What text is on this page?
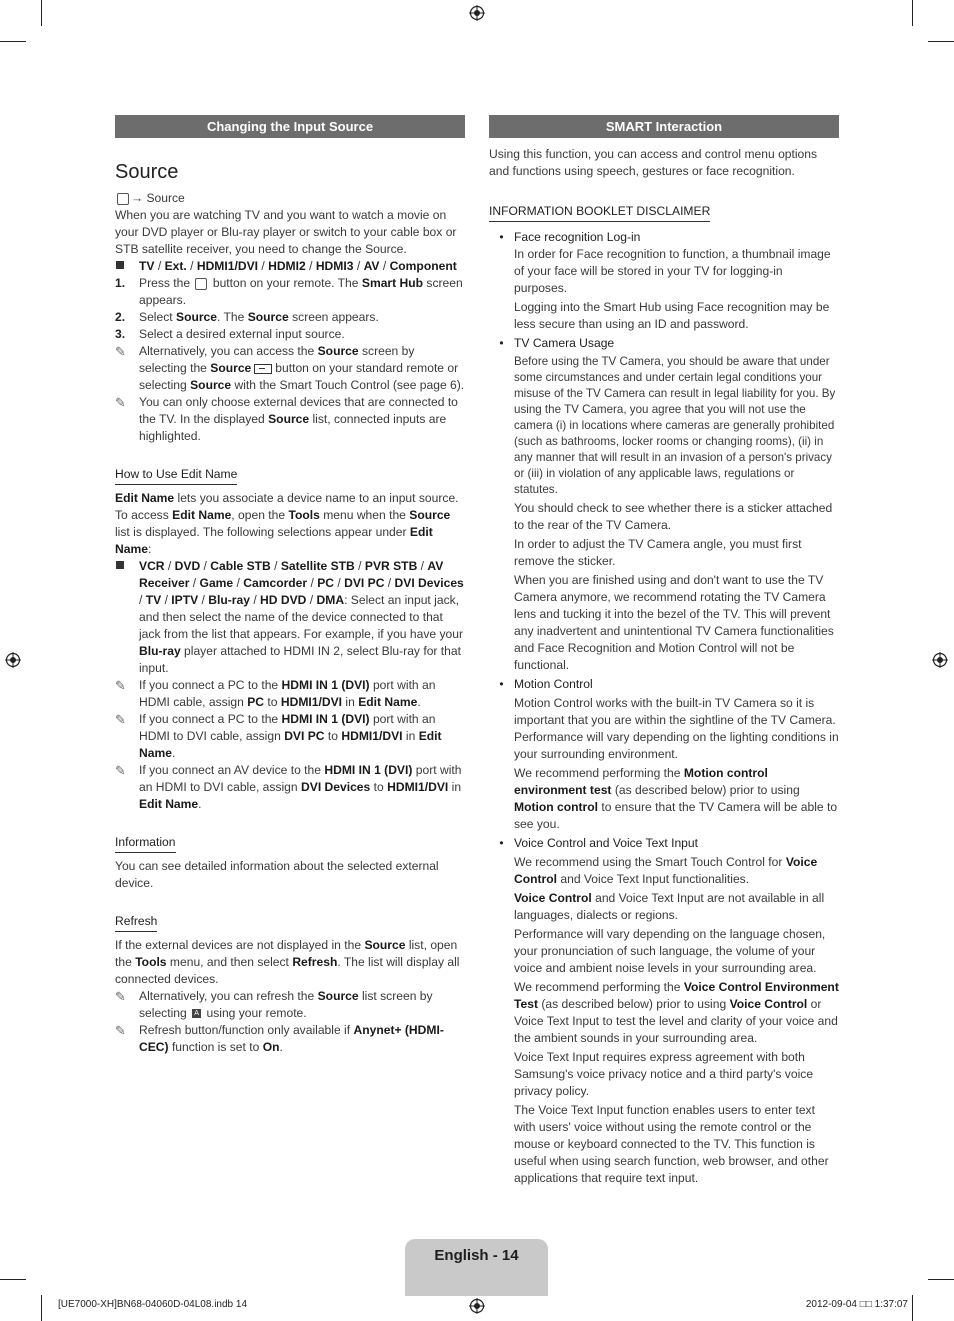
Changing the Input Source
Source

→ Source

When you are watching TV and you want to watch a movie on your DVD player or Blu-ray player or switch to your cable box or STB satellite receiver, you need to change the Source.

TV / Ext. / HDMI1/DVI / HDMI2 / HDMI3 / AV / Component
1.	Press the button on your remote. The Smart Hub screen appears.
2.	Select Source. The Source screen appears.
3.	Select a desired external input source.
✎	Alternatively, you can access the Source screen by selecting the Source button on your standard remote or selecting Source with the Smart Touch Control (see page 6).
✎	You can only choose external devices that are connected to the TV. In the displayed Source list, connected inputs are highlighted.
How to Use Edit Name

Edit Name lets you associate a device name to an input source. To access Edit Name, open the Tools menu when the Source list is displayed. The following selections appear under Edit Name:

VCR / DVD / Cable STB / Satellite STB / PVR STB / AV Receiver / Game / Camcorder / PC / DVI PC / DVI Devices / TV / IPTV / Blu-ray / HD DVD / DMA: Select an input jack, and then select the name of the device connected to that jack from the list that appears. For example, if you have your Blu-ray player attached to HDMI IN 2, select Blu-ray for that input.
✎	If you connect a PC to the HDMI IN 1 (DVI) port with an HDMI cable, assign PC to HDMI1/DVI in Edit Name.
✎	If you connect a PC to the HDMI IN 1 (DVI) port with an HDMI to DVI cable, assign DVI PC to HDMI1/DVI in Edit Name.
✎	If you connect an AV device to the HDMI IN 1 (DVI) port with an HDMI to DVI cable, assign DVI Devices to HDMI1/DVI in Edit Name.
Information

You can see detailed information about the selected external device.

Refresh

If the external devices are not displayed in the Source list, open the Tools menu, and then select Refresh. The list will display all connected devices.

✎	Alternatively, you can refresh the Source list screen by selecting A using your remote.
✎	Refresh button/function only available if Anynet+ (HDMI-CEC) function is set to On.
SMART Interaction

Using this function, you can access and control menu options and functions using speech, gestures or face recognition.

INFORMATION BOOKLET DISCLAIMER
• Face recognition Log-in

In order for Face recognition to function, a thumbnail image of your face will be stored in your TV for logging-in purposes.

Logging into the Smart Hub using Face recognition may be less secure than using an ID and password.

• TV Camera Usage

Before using the TV Camera, you should be aware that under some circumstances and under certain legal conditions your misuse of the TV Camera can result in legal liability for you. By using the TV Camera, you agree that you will not use the camera (i) in locations where cameras are generally prohibited (such as bathrooms, locker rooms or changing rooms), (ii) in any manner that will result in an invasion of a person's privacy or (iii) in violation of any applicable laws, regulations or statutes.

You should check to see whether there is a sticker attached to the rear of the TV Camera.

In order to adjust the TV Camera angle, you must first remove the sticker.

When you are finished using and don't want to use the TV Camera anymore, we recommend rotating the TV Camera lens and tucking it into the bezel of the TV. This will prevent any inadvertent and unintentional TV Camera functionalities and Face Recognition and Motion Control will not be functional.

• Motion Control

Motion Control works with the built-in TV Camera so it is important that you are within the sightline of the TV Camera. Performance will vary depending on the lighting conditions in your surrounding environment.

We recommend performing the Motion control environment test (as described below) prior to using Motion control to ensure that the TV Camera will be able to see you.

• Voice Control and Voice Text Input

We recommend using the Smart Touch Control for Voice Control and Voice Text Input functionalities.

Voice Control and Voice Text Input are not available in all languages, dialects or regions.

Performance will vary depending on the language chosen, your pronunciation of such language, the volume of your voice and ambient noise levels in your surrounding area.

We recommend performing the Voice Control Environment Test (as described below) prior to using Voice Control or Voice Text Input to test the level and clarity of your voice and the ambient sounds in your surrounding area.

Voice Text Input requires express agreement with both Samsung's voice privacy notice and a third party's voice privacy policy.

The Voice Text Input function enables users to enter text with users' voice without using the remote control or the mouse or keyboard connected to the TV. This function is useful when using search function, web browser, and other applications that require text input.

English - 14
[UE7000-XH]BN68-04060D-04L08.indb 14	2012-09-04 □□ 1:37:07
